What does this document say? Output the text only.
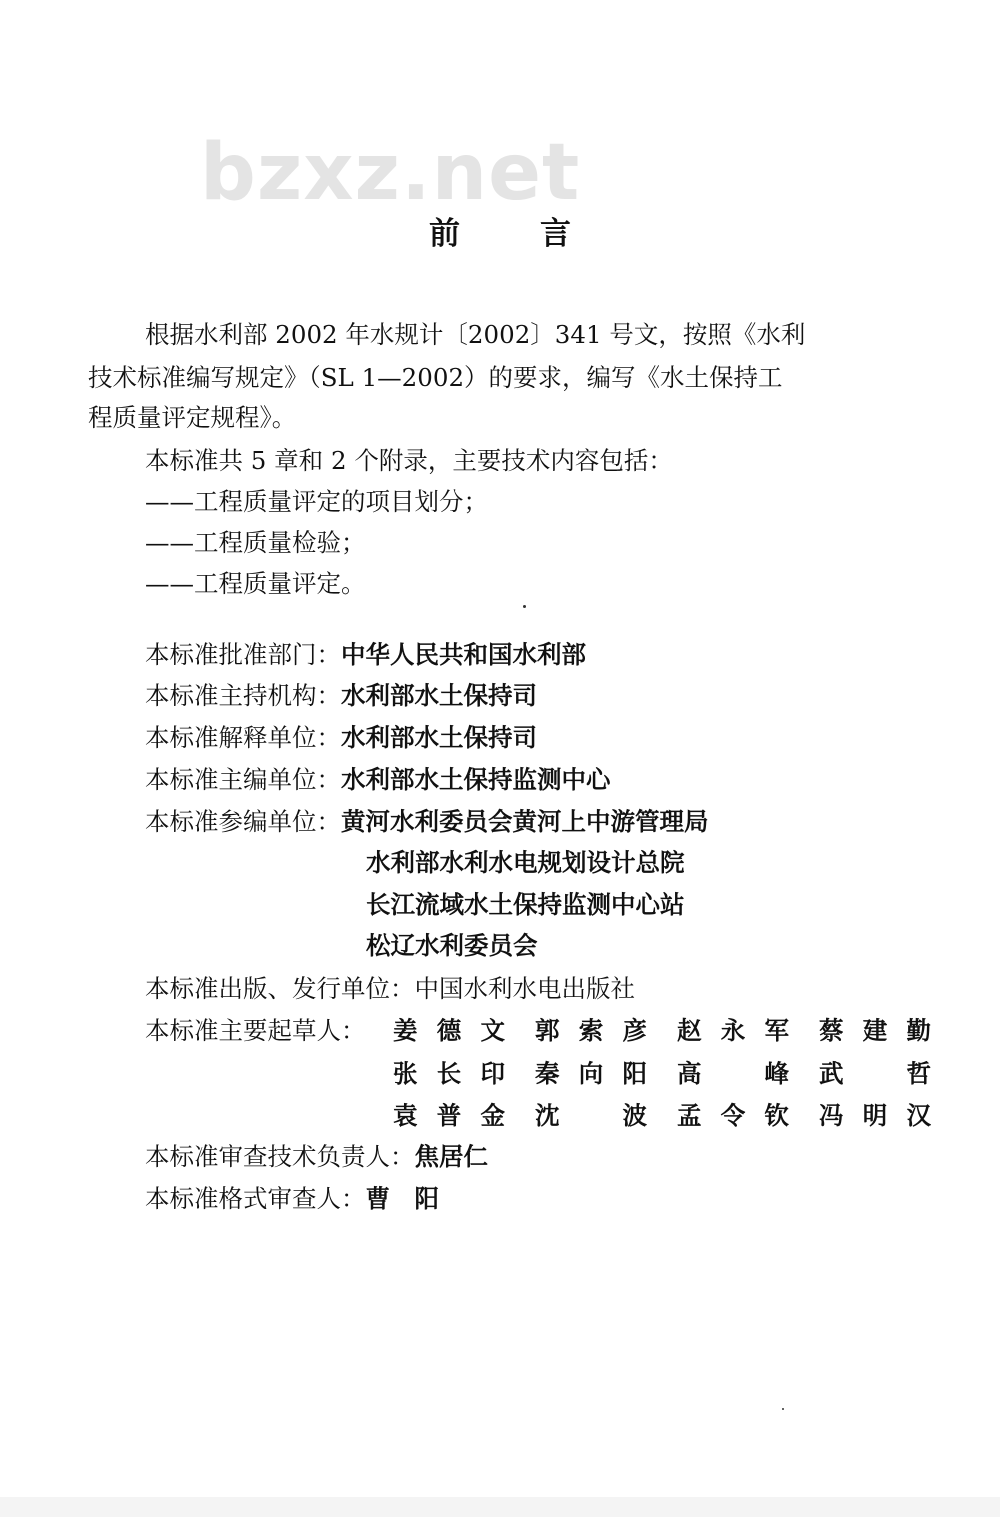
bzxz.net
前	言
根据水利部 2002 年水规计〔2002〕341 号文，按照《水利
技术标准编写规定》（SL 1—2002）的要求，编写《水土保持工
程质量评定规程》。
本标准共 5 章和 2 个附录，主要技术内容包括：
——工程质量评定的项目划分；
——工程质量检验；
——工程质量评定。
本标准批准部门：中华人民共和国水利部
本标准主持机构：水利部水土保持司
本标准解释单位：水利部水土保持司
本标准主编单位：水利部水土保持监测中心
本标准参编单位：黄河水利委员会黄河上中游管理局
水利部水利水电规划设计总院
长江流域水土保持监测中心站
松辽水利委员会
本标准出版、发行单位：中国水利水电出版社
本标准主要起草人： 姜德文 郭索彦 赵永军 蔡建勤
张长印 秦向阳 高　峰 武　哲
袁普金 沈　波 孟令钦 冯明汉
本标准审查技术负责人：焦居仁
本标准格式审查人：曹　阳
